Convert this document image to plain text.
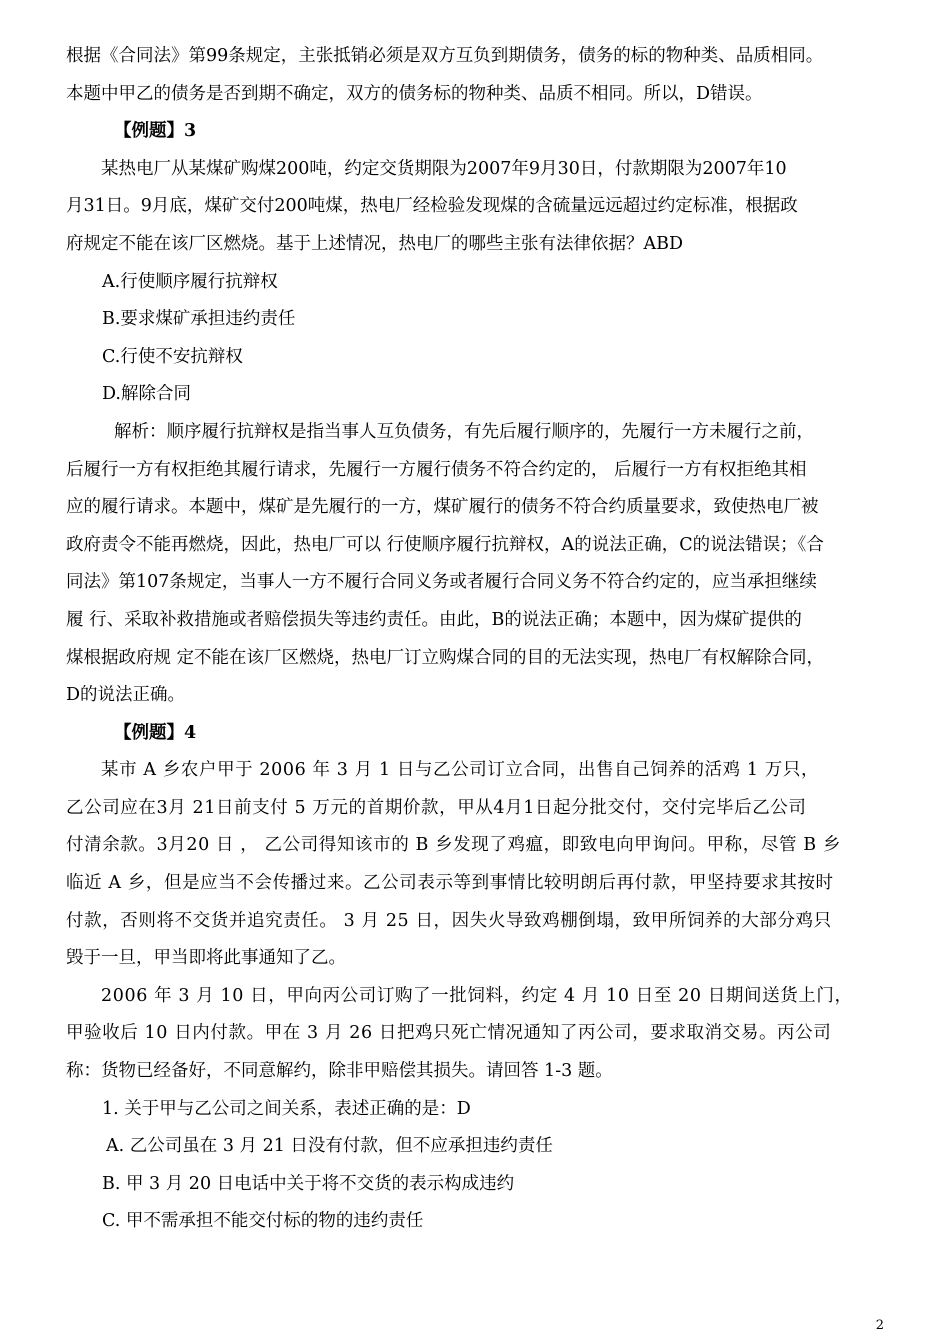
根据《合同法》第99条规定，主张抵销必须是双方互负到期债务，债务的标的物种类、品质相同。
本题中甲乙的债务是否到期不确定，双方的债务标的物种类、品质不相同。所以，D错误。
【例题】3
某热电厂从某煤矿购煤200吨，约定交货期限为2007年9月30日，付款期限为2007年10
月31日。9月底，煤矿交付200吨煤，热电厂经检验发现煤的含硫量远远超过约定标准，根据政
府规定不能在该厂区燃烧。基于上述情况，热电厂的哪些主张有法律依据？ABD
A.行使顺序履行抗辩权
B.要求煤矿承担违约责任
C.行使不安抗辩权
D.解除合同
解析：顺序履行抗辩权是指当事人互负债务，有先后履行顺序的，先履行一方未履行之前，
后履行一方有权拒绝其履行请求，先履行一方履行债务不符合约定的， 后履行一方有权拒绝其相
应的履行请求。本题中，煤矿是先履行的一方，煤矿履行的债务不符合约质量要求，致使热电厂被
政府责令不能再燃烧，因此，热电厂可以 行使顺序履行抗辩权，A的说法正确，C的说法错误；《合
同法》第107条规定，当事人一方不履行合同义务或者履行合同义务不符合约定的，应当承担继续
履 行、采取补救措施或者赔偿损失等违约责任。由此，B的说法正确；本题中，因为煤矿提供的
煤根据政府规 定不能在该厂区燃烧，热电厂订立购煤合同的目的无法实现，热电厂有权解除合同，
D的说法正确。
【例题】4
某市 A 乡农户甲于 2006 年 3 月 1 日与乙公司订立合同，出售自己饲养的活鸡 1 万只，
乙公司应在3月 21日前支付 5 万元的首期价款，甲从4月1日起分批交付，交付完毕后乙公司
付清余款。3月20 日 ， 乙公司得知该市的 B 乡发现了鸡瘟，即致电向甲询问。甲称，尽管 B 乡
临近 A 乡，但是应当不会传播过来。乙公司表示等到事情比较明朗后再付款，甲坚持要求其按时
付款，否则将不交货并追究责任。 3 月 25 日，因失火导致鸡棚倒塌，致甲所饲养的大部分鸡只
毁于一旦，甲当即将此事通知了乙。
2006 年 3 月 10 日，甲向丙公司订购了一批饲料，约定 4 月 10 日至 20 日期间送货上门，
甲验收后 10 日内付款。甲在 3 月 26 日把鸡只死亡情况通知了丙公司，要求取消交易。丙公司
称：货物已经备好，不同意解约，除非甲赔偿其损失。请回答 1-3 题。
1. 关于甲与乙公司之间关系，表述正确的是：D
A. 乙公司虽在 3 月 21 日没有付款，但不应承担违约责任
B. 甲 3 月 20 日电话中关于将不交货的表示构成违约
C. 甲不需承担不能交付标的物的违约责任
2
